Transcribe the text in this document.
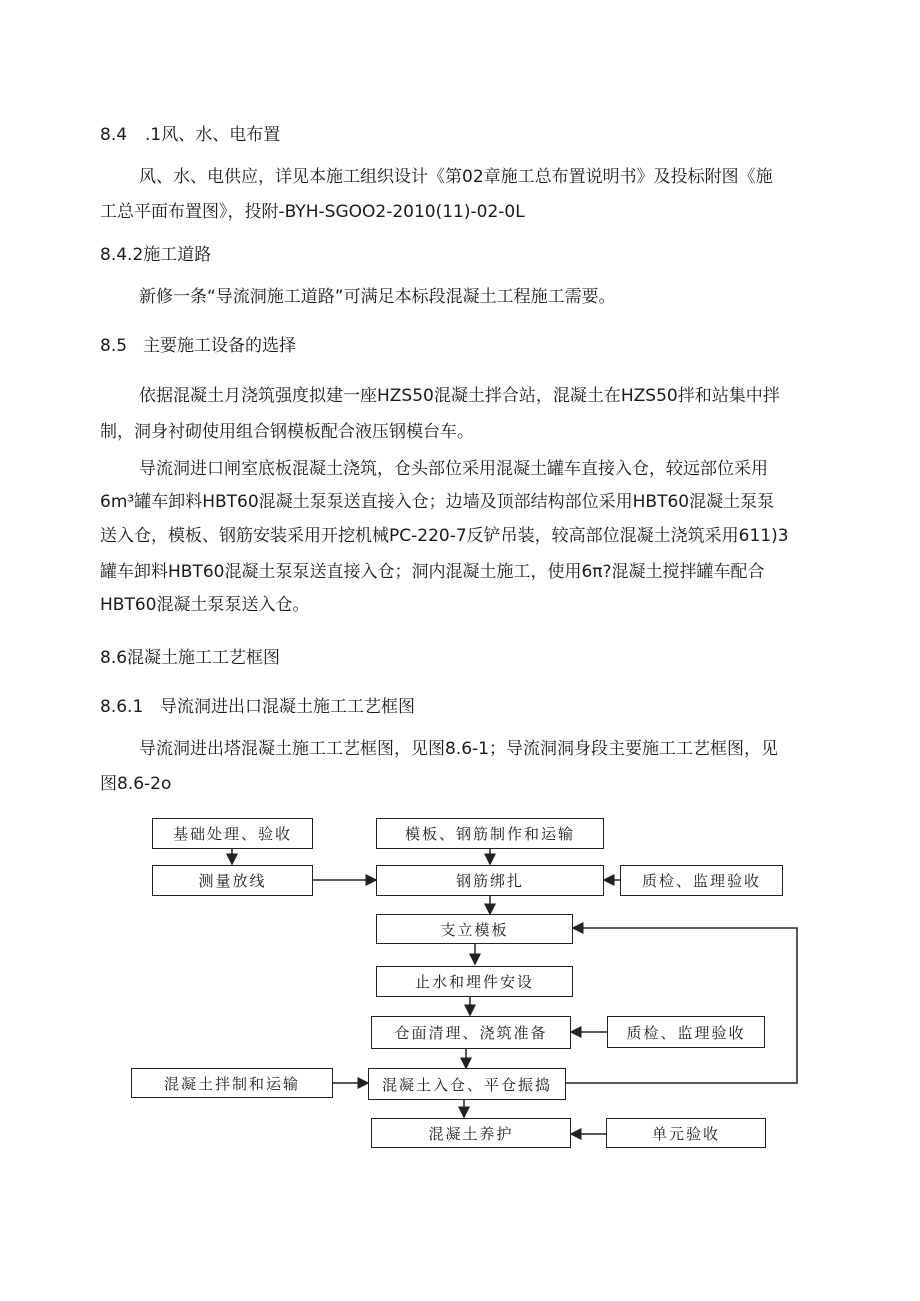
8.4 .1风、水、电布置
风、水、电供应，详见本施工组织设计《第02章施工总布置说明书》及投标附图《施
工总平面布置图》，投附-BYH-SGOO2-2010(11)-02-0L
8.4.2施工道路
新修一条“导流洞施工道路”可满足本标段混凝土工程施工需要。
8.5 主要施工设备的选择
依据混凝土月浇筑强度拟建一座HZS50混凝土拌合站，混凝土在HZS50拌和站集中拌
制，洞身衬砌使用组合钢模板配合液压钢模台车。
导流洞进口闸室底板混凝土浇筑，仓头部位采用混凝土罐车直接入仓，较远部位采用
6m³罐车卸料HBT60混凝土泵泵送直接入仓；边墙及顶部结构部位采用HBT60混凝土泵泵
送入仓，模板、钢筋安装采用开挖机械PC-220-7反铲吊装，较高部位混凝土浇筑采用611)3
罐车卸料HBT60混凝土泵泵送直接入仓；洞内混凝土施工，使用6π?混凝土搅拌罐车配合
HBT60混凝土泵泵送入仓。
8.6混凝土施工工艺框图
8.6.1 导流洞进出口混凝土施工工艺框图
导流洞进出塔混凝土施工工艺框图，见图8.6-1；导流洞洞身段主要施工工艺框图，见
图8.6-2o
基础处理、验收
测量放线
模板、钢筋制作和运输
钢筋绑扎	质检、监理验收
支立模板
止水和埋件安设
仓面清理、浇筑准备	质检、监理验收
混凝土拌制和运输	混凝土入仓、平仓振捣
混凝土养护	单元验收
